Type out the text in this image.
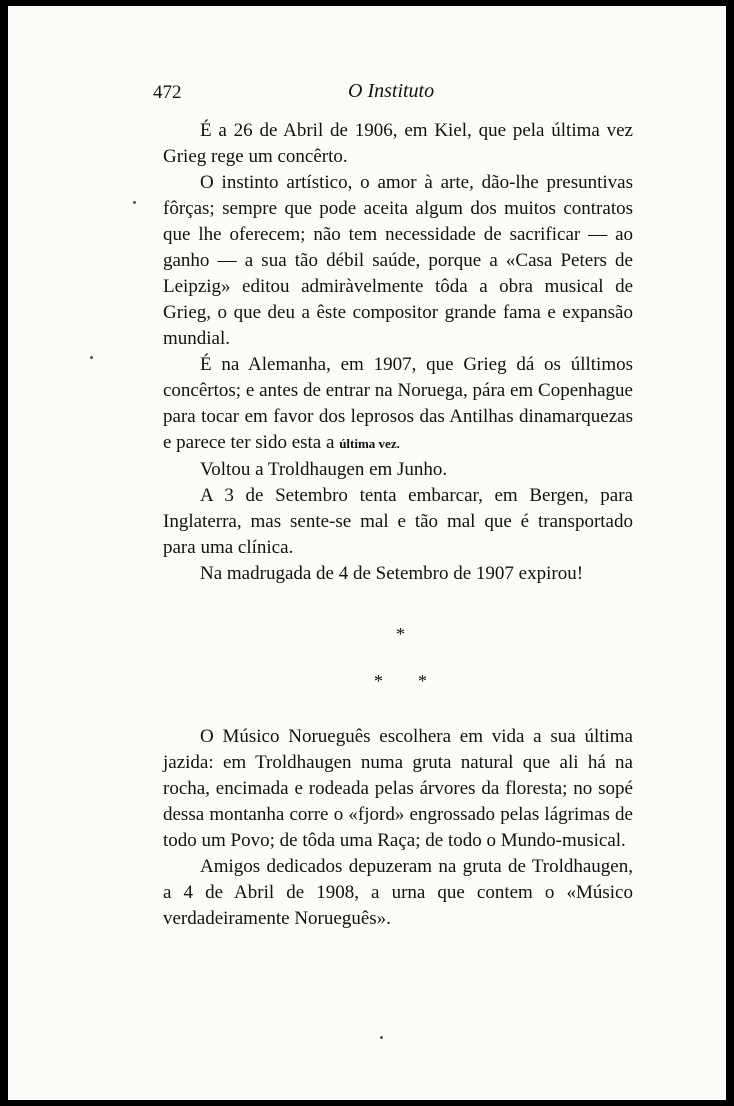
472	O Instituto

É a 26 de Abril de 1906, em Kiel, que pela última vez Grieg rege um concêrto.

O instinto artístico, o amor à arte, dão-lhe presuntivas fôrças; sempre que pode aceita algum dos muitos contratos que lhe oferecem; não tem necessidade de sacrificar — ao ganho — a sua tão débil saúde, porque a «Casa Peters de Leipzig» editou admiràvelmente tôda a obra musical de Grieg, o que deu a êste compositor grande fama e expansão mundial.

É na Alemanha, em 1907, que Grieg dá os úlltimos concêrtos; e antes de entrar na Noruega, pára em Copenhague para tocar em favor dos leprosos das Antilhas dinamarquezas e parece ter sido esta a última vez.

Voltou a Troldhaugen em Junho.

A 3 de Setembro tenta embarcar, em Bergen, para Inglaterra, mas sente-se mal e tão mal que é transportado para uma clínica.

Na madrugada de 4 de Setembro de 1907 expirou!

*
* *

O Músico Norueguês escolhera em vida a sua última jazida: em Troldhaugen numa gruta natural que ali há na rocha, encimada e rodeada pelas árvores da floresta; no sopé dessa montanha corre o «fjord» engrossado pelas lágrimas de todo um Povo; de tôda uma Raça; de todo o Mundo-musical.

Amigos dedicados depuzeram na gruta de Troldhaugen, a 4 de Abril de 1908, a urna que contem o «Músico verdadeiramente Norueguês».
